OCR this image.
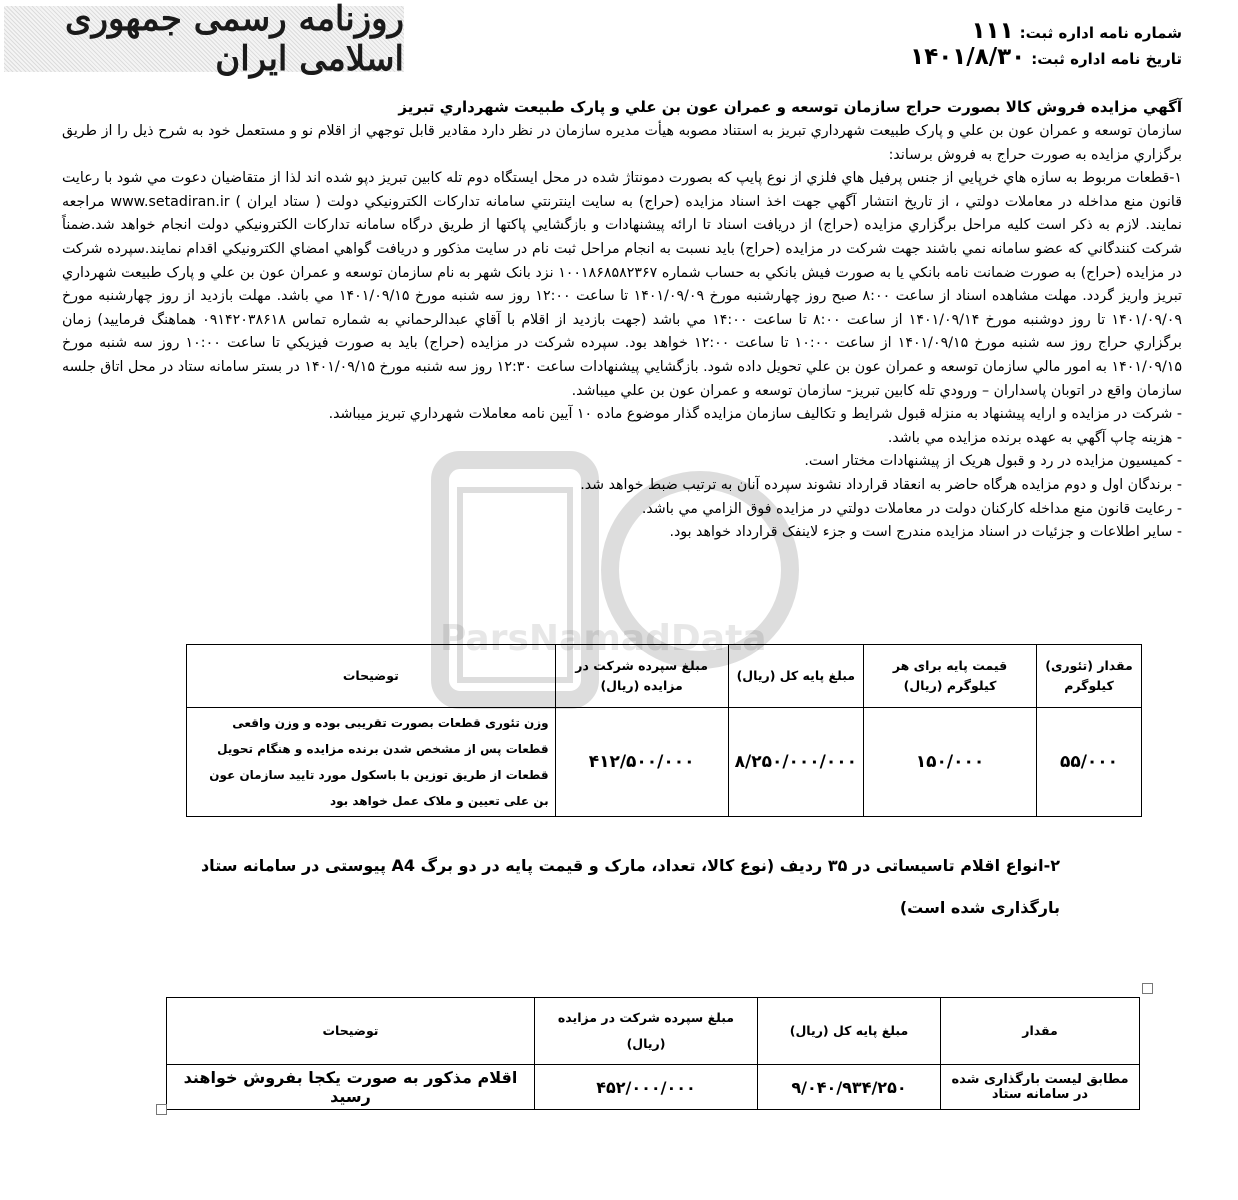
روزنامه رسمی جمهوری اسلامی ایران
شماره نامه اداره ثبت:
۱۱۱
تاریخ نامه اداره ثبت:
۱۴۰۱/۸/۳۰
ParsNamadData
آگهي مزايده فروش کالا بصورت حراج سازمان توسعه و عمران عون بن علي و پارک طبيعت شهرداري تبريز

سازمان توسعه و عمران عون بن علي و پارک طبيعت شهرداري تبريز به استناد مصوبه هيأت مديره سازمان در نظر دارد مقادير قابل توجهي از اقلام نو و مستعمل خود به شرح ذيل را از طريق برگزاري مزايده به صورت حراج به فروش برساند:

۱-قطعات مربوط به سازه هاي خرپايي از جنس پرفيل هاي فلزي از نوع پايپ که بصورت دمونتاژ شده در محل ايستگاه دوم تله کابين تبريز دپو شده اند لذا از متقاضيان دعوت مي شود با رعايت قانون منع مداخله در معاملات دولتي ، از تاريخ انتشار آگهي جهت اخذ اسناد مزايده (حراج) به سايت اينترنتي سامانه تدارکات الکترونيکي دولت ( ستاد ايران ) www.setadiran.ir مراجعه نمايند. لازم به ذکر است کليه مراحل برگزاري مزايده (حراج) از دريافت اسناد تا ارائه پيشنهادات و بازگشايي پاکتها از طريق درگاه سامانه تدارکات الکترونيکي دولت انجام خواهد شد.ضمناً شرکت کنندگاني که عضو سامانه نمي باشند جهت شرکت در مزايده (حراج) بايد نسبت به انجام مراحل ثبت نام در سايت مذکور و دريافت گواهي امضاي الکترونيکي اقدام نمايند.سپرده شرکت در مزايده (حراج) به صورت ضمانت نامه بانکي يا به صورت فيش بانکي به حساب شماره ۱۰۰۱۸۶۸۵۸۲۳۶۷ نزد بانک شهر به نام سازمان توسعه و عمران عون بن علي و پارک طبيعت شهرداري تبريز واريز گردد. مهلت مشاهده اسناد از ساعت ۸:۰۰ صبح روز چهارشنبه مورخ ۱۴۰۱/۰۹/۰۹ تا ساعت ۱۲:۰۰ روز سه شنبه مورخ ۱۴۰۱/۰۹/۱۵ مي باشد. مهلت بازديد از روز چهارشنبه مورخ ۱۴۰۱/۰۹/۰۹ تا روز دوشنبه مورخ ۱۴۰۱/۰۹/۱۴ از ساعت ۸:۰۰ تا ساعت ۱۴:۰۰ مي باشد (جهت بازديد از اقلام با آقاي عبدالرحماني به شماره تماس ۰۹۱۴۲۰۳۸۶۱۸ هماهنگ فرماييد) زمان برگزاري حراج روز سه شنبه مورخ ۱۴۰۱/۰۹/۱۵ از ساعت ۱۰:۰۰ تا ساعت ۱۲:۰۰ خواهد بود. سپرده شرکت در مزايده (حراج) بايد به صورت فيزيکي تا ساعت ۱۰:۰۰ روز سه شنبه مورخ ۱۴۰۱/۰۹/۱۵ به امور مالي سازمان توسعه و عمران عون بن علي تحويل داده شود. بازگشايي پيشنهادات ساعت ۱۲:۳۰ روز سه شنبه مورخ ۱۴۰۱/۰۹/۱۵ در بستر سامانه ستاد در محل اتاق جلسه سازمان واقع در اتوبان پاسداران – ورودي تله کابين تبريز- سازمان توسعه و عمران عون بن علي ميباشد.

- شرکت در مزايده و ارايه پيشنهاد به منزله قبول شرايط و تکاليف سازمان مزايده گذار موضوع ماده ۱۰ آيين نامه معاملات شهرداري تبريز ميباشد.
- هزينه چاپ آگهي به عهده برنده مزايده مي باشد.
- کميسيون مزايده در رد و قبول هريک از پيشنهادات مختار است.
- برندگان اول و دوم مزايده هرگاه حاضر به انعقاد قرارداد نشوند سپرده آنان به ترتيب ضبط خواهد شد.
- رعايت قانون منع مداخله کارکنان دولت در معاملات دولتي در مزايده فوق الزامي مي باشد.
- ساير اطلاعات و جزئيات در اسناد مزايده مندرج است و جزء لاينفک قرارداد خواهد بود.
مقدار (تئوری) کیلوگرم	قیمت پایه برای هر کیلوگرم (ریال)	مبلغ پایه کل (ریال)	مبلغ سپرده شرکت در مزایده (ریال)	توضیحات
۵۵/۰۰۰	۱۵۰/۰۰۰	۸/۲۵۰/۰۰۰/۰۰۰	۴۱۲/۵۰۰/۰۰۰	وزن تئوری قطعات بصورت تقریبی بوده و وزن واقعی قطعات پس از مشخص شدن برنده مزایده و هنگام تحویل قطعات از طریق توزین با باسکول مورد تایید سازمان عون بن علی تعیین و ملاک عمل خواهد بود
۲-انواع اقلام تاسیساتی در ۳۵ ردیف (نوع کالا، تعداد، مارک و قیمت پایه در دو برگ A4 پیوستی در سامانه ستاد بارگذاری شده است)
مقدار	مبلغ پایه کل (ریال)	مبلغ سپرده شرکت در مزایده (ریال)	توضیحات
مطابق لیست بارگذاری شده در سامانه ستاد	۹/۰۴۰/۹۳۴/۲۵۰	۴۵۲/۰۰۰/۰۰۰	اقلام مذکور به صورت یکجا بفروش خواهند رسید
